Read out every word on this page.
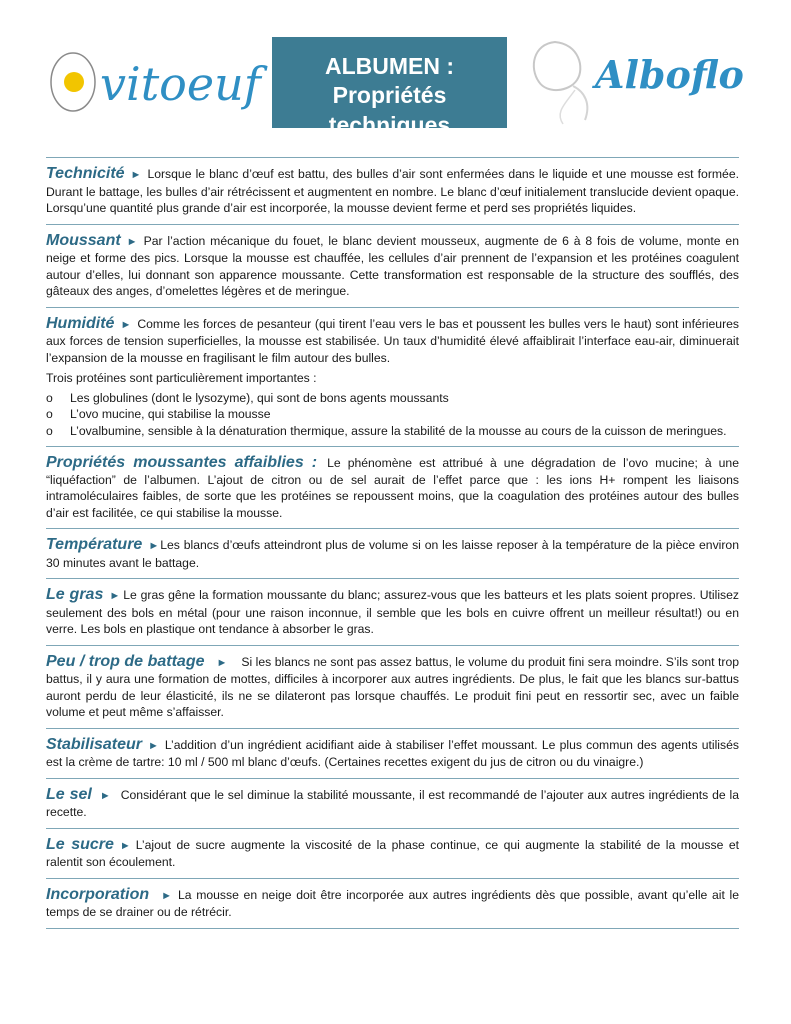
vitoeuf	ALBUMEN :
Propriétés techniques
Alboflo
Technicité ► Lorsque le blanc d’œuf est battu, des bulles d’air sont enfermées dans le liquide et une mousse est formée. Durant le battage, les bulles d’air rétrécissent et augmentent en nombre. Le blanc d’œuf initialement translucide devient opaque. Lorsqu’une quantité plus grande d’air est incorporée, la mousse devient ferme et perd ses propriétés liquides.
Moussant ► Par l’action mécanique du fouet, le blanc devient mousseux, augmente de 6 à 8 fois de volume, monte en neige et forme des pics. Lorsque la mousse est chauffée, les cellules d’air prennent de l’expansion et les protéines coagulent autour d’elles, lui donnant son apparence moussante. Cette transformation est responsable de la structure des soufflés, des gâteaux des anges, d’omelettes légères et de meringue.
Humidité ► Comme les forces de pesanteur (qui tirent l’eau vers le bas et poussent les bulles vers le haut) sont inférieures aux forces de tension superficielles, la mousse est stabilisée. Un taux d’humidité élevé affaiblirait l’interface eau-air, diminuerait l’expansion de la mousse en fragilisant le film autour des bulles.
Trois protéines sont particulièrement importantes :
o Les globulines (dont le lysozyme), qui sont de bons agents moussants
o L’ovo mucine, qui stabilise la mousse
o L’ovalbumine, sensible à la dénaturation thermique, assure la stabilité de la mousse au cours de la cuisson de meringues.
Propriétés moussantes affaiblies : Le phénomène est attribué à une dégradation de l’ovo mucine; à une “liquéfaction” de l’albumen. L’ajout de citron ou de sel aurait de l’effet parce que : les ions H+ rompent les liaisons intramoléculaires faibles, de sorte que les protéines se repoussent moins, que la coagulation des protéines autour des bulles d’air est facilitée, ce qui stabilise la mousse.
Température ►Les blancs d’œufs atteindront plus de volume si on les laisse reposer à la température de la pièce environ 30 minutes avant le battage.
Le gras ► Le gras gêne la formation moussante du blanc; assurez-vous que les batteurs et les plats soient propres. Utilisez seulement des bols en métal (pour une raison inconnue, il semble que les bols en cuivre offrent un meilleur résultat!) ou en verre. Les bols en plastique ont tendance à absorber le gras.
Peu / trop de battage ► Si les blancs ne sont pas assez battus, le volume du produit fini sera moindre. S’ils sont trop battus, il y aura une formation de mottes, difficiles à incorporer aux autres ingrédients. De plus, le fait que les blancs sur-battus auront perdu de leur élasticité, ils ne se dilateront pas lorsque chauffés. Le produit fini peut en ressortir sec, avec un faible volume et peut même s’affaisser.
Stabilisateur ► L’addition d’un ingrédient acidifiant aide à stabiliser l’effet moussant. Le plus commun des agents utilisés est la crème de tartre: 10 ml / 500 ml blanc d’œufs. (Certaines recettes exigent du jus de citron ou du vinaigre.)
Le sel ► Considérant que le sel diminue la stabilité moussante, il est recommandé de l’ajouter aux autres ingrédients de la recette.
Le sucre ► L’ajout de sucre augmente la viscosité de la phase continue, ce qui augmente la stabilité de la mousse et ralentit son écoulement.
Incorporation ► La mousse en neige doit être incorporée aux autres ingrédients dès que possible, avant qu’elle ait le temps de se drainer ou de rétrécir.
